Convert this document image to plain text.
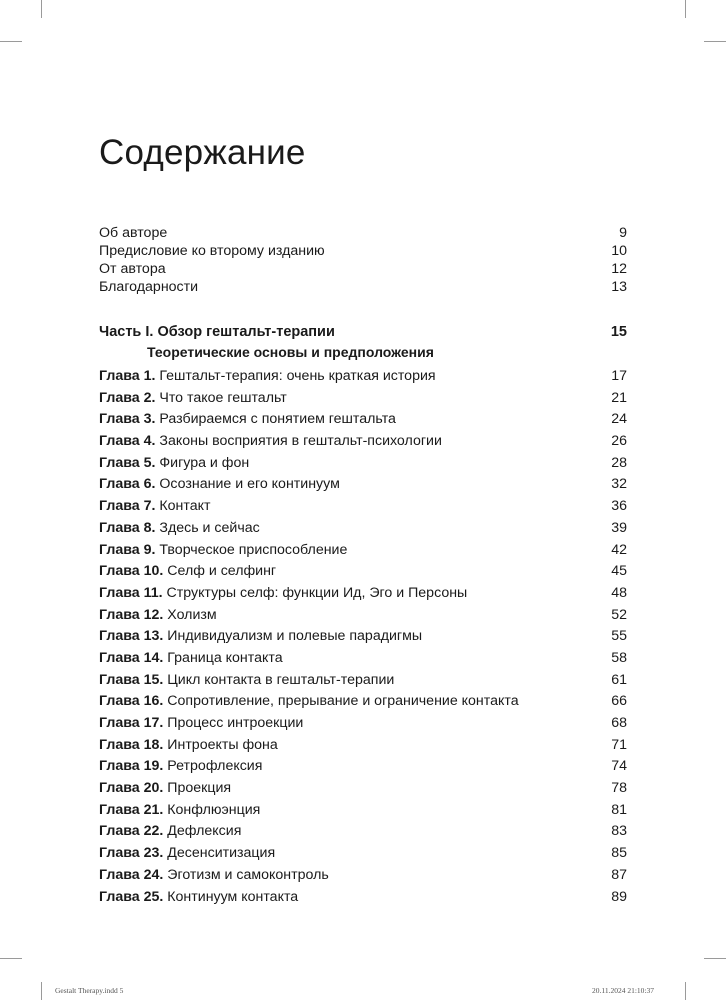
Содержание
Об авторе	9
Предисловие ко второму изданию	10
От автора	12
Благодарности	13
Часть I. Обзор гештальт-терапии	15
Теоретические основы и предположения
Глава 1. Гештальт-терапия: очень краткая история	17
Глава 2. Что такое гештальт	21
Глава 3. Разбираемся с понятием гештальта	24
Глава 4. Законы восприятия в гештальт-психологии	26
Глава 5. Фигура и фон	28
Глава 6. Осознание и его континуум	32
Глава 7. Контакт	36
Глава 8. Здесь и сейчас	39
Глава 9. Творческое приспособление	42
Глава 10. Селф и селфинг	45
Глава 11. Структуры селф: функции Ид, Эго и Персоны	48
Глава 12. Холизм	52
Глава 13. Индивидуализм и полевые парадигмы	55
Глава 14. Граница контакта	58
Глава 15. Цикл контакта в гештальт-терапии	61
Глава 16. Сопротивление, прерывание и ограничение контакта	66
Глава 17. Процесс интроекции	68
Глава 18. Интроекты фона	71
Глава 19. Ретрофлексия	74
Глава 20. Проекция	78
Глава 21. Конфлюэнция	81
Глава 22. Дефлексия	83
Глава 23. Десенситизация	85
Глава 24. Эготизм и самоконтроль	87
Глава 25. Континуум контакта	89
Gestalt Therapy.indd 5	20.11.2024 21:10:37
